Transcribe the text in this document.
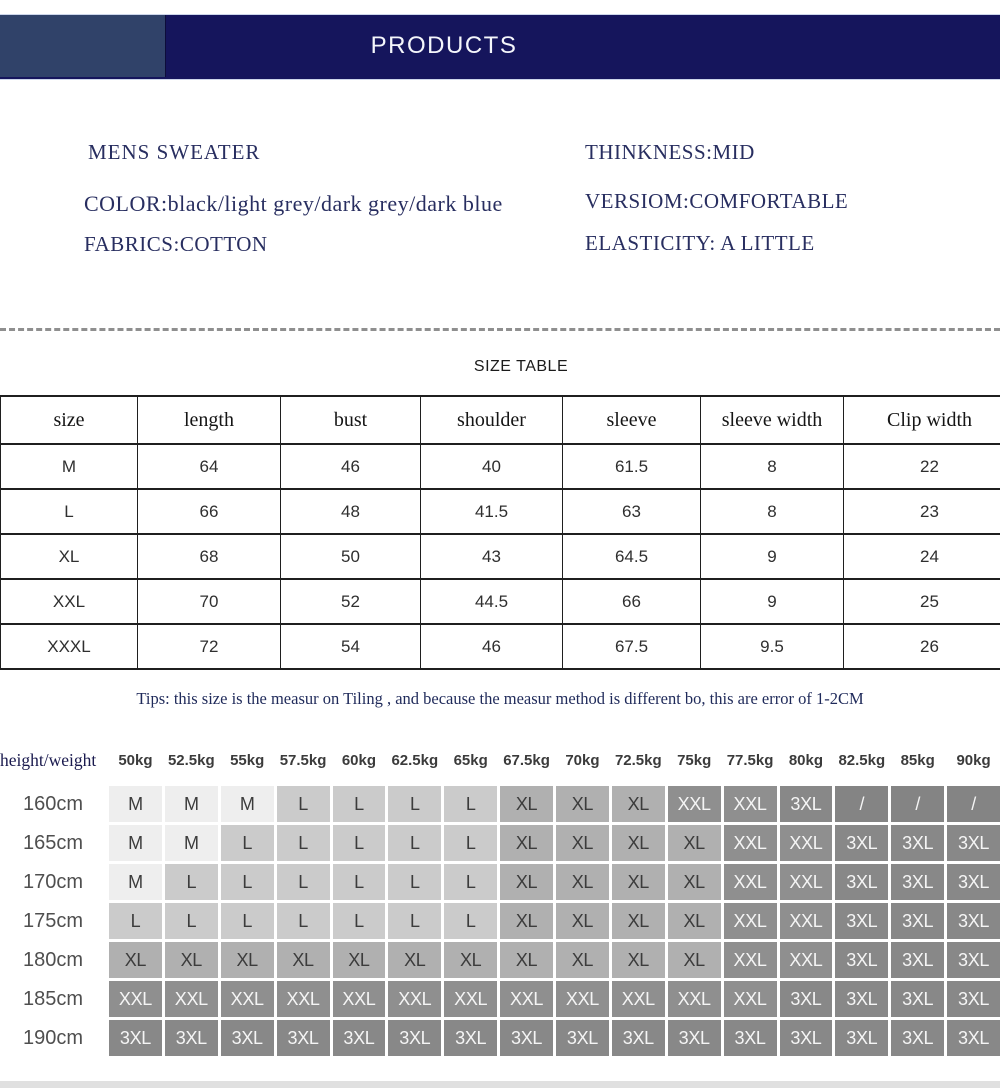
PRODUCTS
MENS SWEATER
COLOR:black/light grey/dark grey/dark blue
FABRICS:COTTON
THINKNESS:MID
VERSIOM:COMFORTABLE
ELASTICITY: A LITTLE
SIZE TABLE
size	length	bust	shoulder	sleeve	sleeve width	Clip width
M	64	46	40	61.5	8	22
L	66	48	41.5	63	8	23
XL	68	50	43	64.5	9	24
XXL	70	52	44.5	66	9	25
XXXL	72	54	46	67.5	9.5	26
Tips: this size is the measur on Tiling , and because the measur method is different bo, this are error of 1-2CM
height/weight	50kg	52.5kg	55kg	57.5kg	60kg	62.5kg	65kg	67.5kg	70kg	72.5kg	75kg	77.5kg	80kg	82.5kg	85kg	90kg
160cm	M	M	M	L	L	L	L	XL	XL	XL	XXL	XXL	3XL	/	/	/
165cm	M	M	L	L	L	L	L	XL	XL	XL	XL	XXL	XXL	3XL	3XL	3XL
170cm	M	L	L	L	L	L	L	XL	XL	XL	XL	XXL	XXL	3XL	3XL	3XL
175cm	L	L	L	L	L	L	L	XL	XL	XL	XL	XXL	XXL	3XL	3XL	3XL
180cm	XL	XL	XL	XL	XL	XL	XL	XL	XL	XL	XL	XXL	XXL	3XL	3XL	3XL
185cm	XXL	XXL	XXL	XXL	XXL	XXL	XXL	XXL	XXL	XXL	XXL	XXL	3XL	3XL	3XL	3XL
190cm	3XL	3XL	3XL	3XL	3XL	3XL	3XL	3XL	3XL	3XL	3XL	3XL	3XL	3XL	3XL	3XL
